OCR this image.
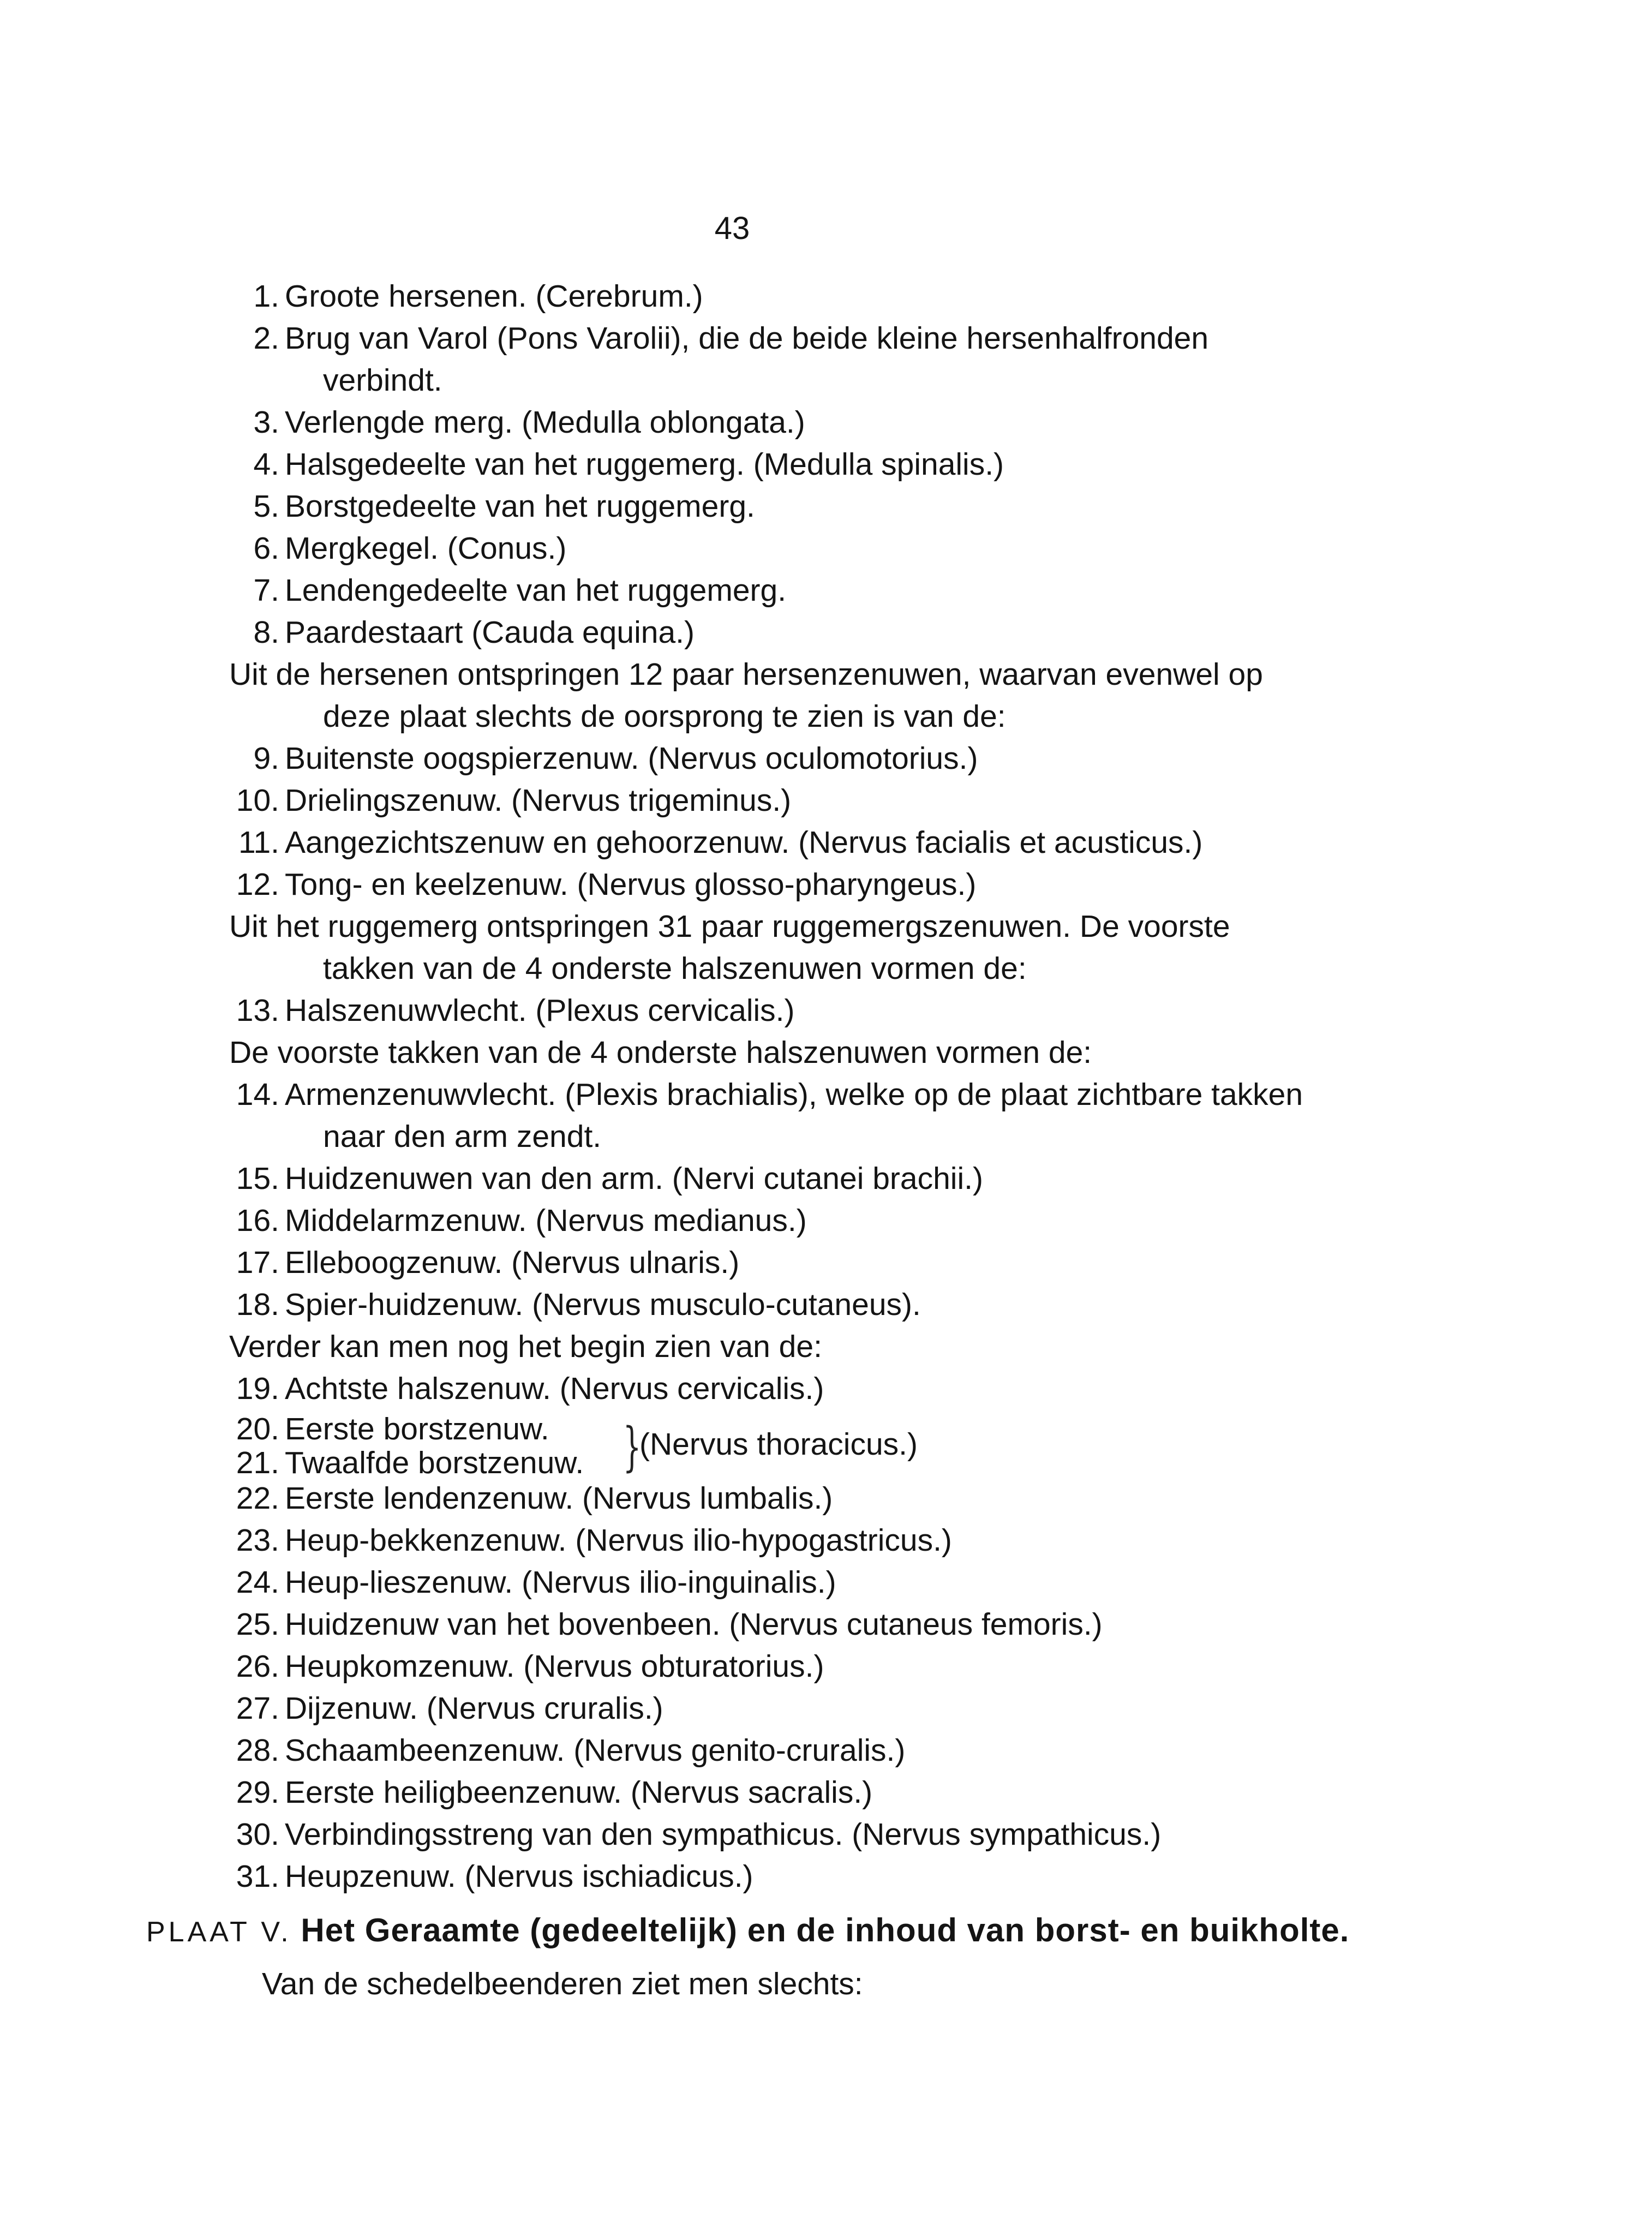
43
1. Groote hersenen. (Cerebrum.)
2. Brug van Varol (Pons Varolii), die de beide kleine hersenhalfronden
verbindt.
3. Verlengde merg. (Medulla oblongata.)
4. Halsgedeelte van het ruggemerg. (Medulla spinalis.)
5. Borstgedeelte van het ruggemerg.
6. Mergkegel. (Conus.)
7. Lendengedeelte van het ruggemerg.
8. Paardestaart (Cauda equina.)
Uit de hersenen ontspringen 12 paar hersenzenuwen, waarvan evenwel op
deze plaat slechts de oorsprong te zien is van de:
9. Buitenste oogspierzenuw. (Nervus oculomotorius.)
10. Drielingszenuw. (Nervus trigeminus.)
11. Aangezichtszenuw en gehoorzenuw. (Nervus facialis et acusticus.)
12. Tong- en keelzenuw. (Nervus glosso-pharyngeus.)
Uit het ruggemerg ontspringen 31 paar ruggemergszenuwen. De voorste
takken van de 4 onderste halszenuwen vormen de:
13. Halszenuwvlecht. (Plexus cervicalis.)
De voorste takken van de 4 onderste halszenuwen vormen de:
14. Armenzenuwvlecht. (Plexis brachialis), welke op de plaat zichtbare takken
naar den arm zendt.
15. Huidzenuwen van den arm. (Nervi cutanei brachii.)
16. Middelarmzenuw. (Nervus medianus.)
17. Elleboogzenuw. (Nervus ulnaris.)
18. Spier-huidzenuw. (Nervus musculo-cutaneus).
Verder kan men nog het begin zien van de:
19. Achtste halszenuw. (Nervus cervicalis.)
20. Eerste borstzenuw.
21. Twaalfde borstzenuw. }
(Nervus thoracicus.)
22. Eerste lendenzenuw. (Nervus lumbalis.)
23. Heup-bekkenzenuw. (Nervus ilio-hypogastricus.)
24. Heup-lieszenuw. (Nervus ilio-inguinalis.)
25. Huidzenuw van het bovenbeen. (Nervus cutaneus femoris.)
26. Heupkomzenuw. (Nervus obturatorius.)
27. Dijzenuw. (Nervus cruralis.)
28. Schaambeenzenuw. (Nervus genito-cruralis.)
29. Eerste heiligbeenzenuw. (Nervus sacralis.)
30. Verbindingsstreng van den sympathicus. (Nervus sympathicus.)
31. Heupzenuw. (Nervus ischiadicus.)
PLAAT V. Het Geraamte (gedeeltelijk) en de inhoud van borst- en buikholte.
Van de schedelbeenderen ziet men slechts:
